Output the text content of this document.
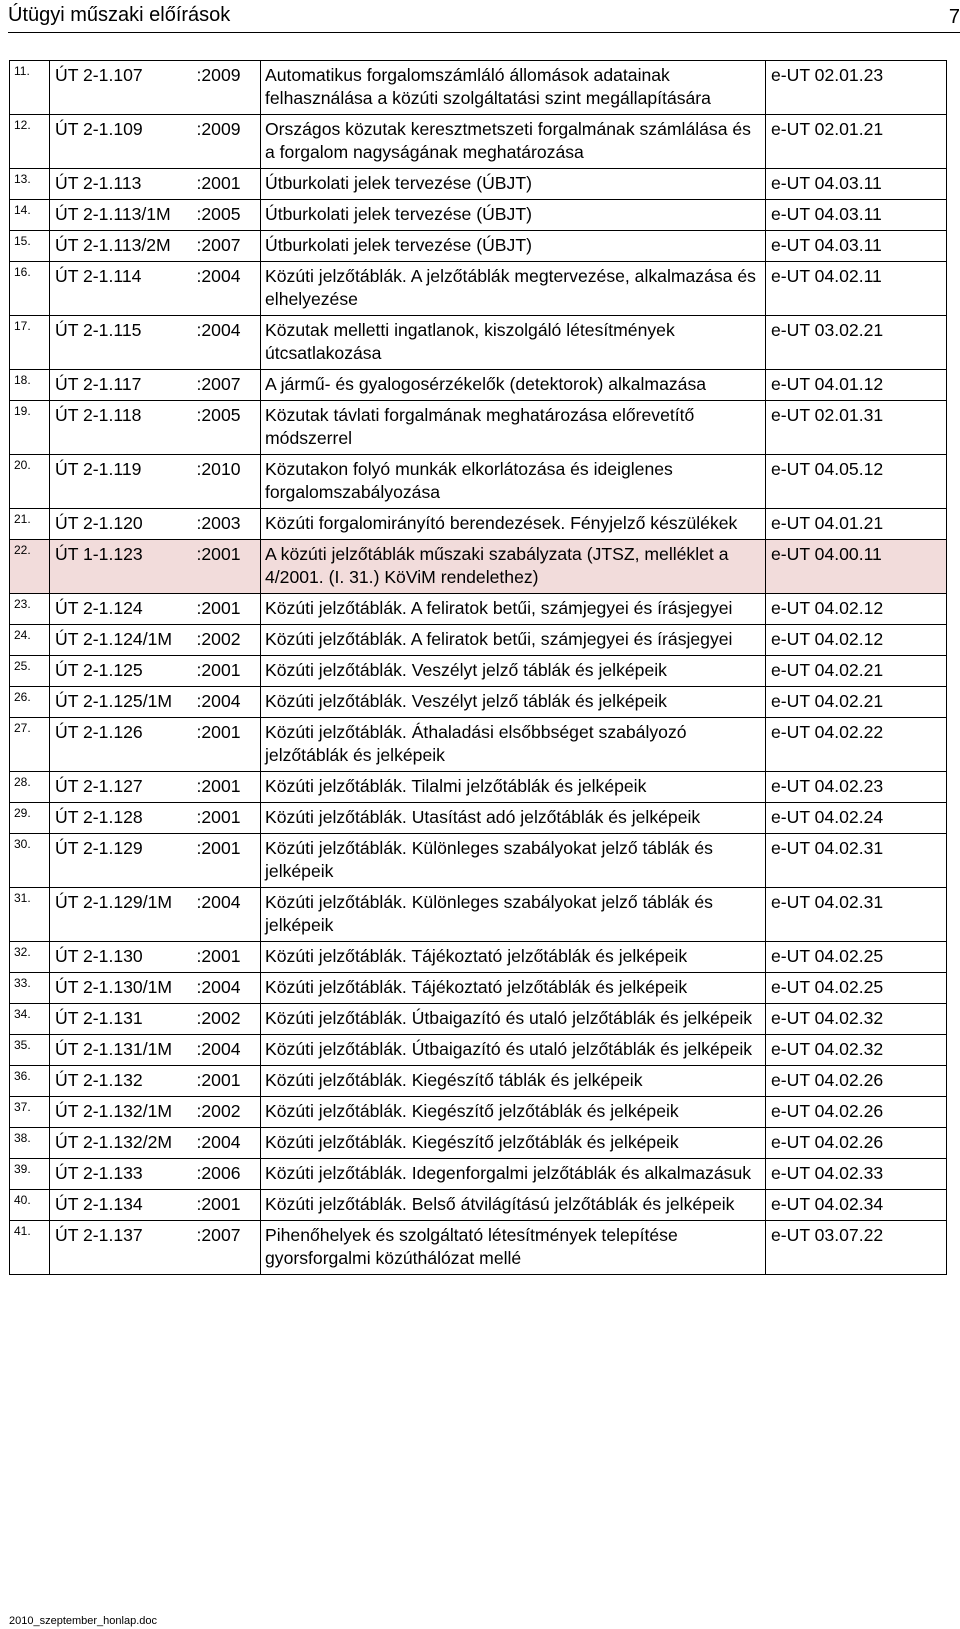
Útügyi műszaki előírások	7
11.	ÚT 2-1.107	:2009	Automatikus forgalomszámláló állomások adatainak felhasználása a közúti szolgáltatási szint megállapítására	e-UT 02.01.23
12.	ÚT 2-1.109	:2009	Országos közutak keresztmetszeti forgalmának számlálása és a forgalom nagyságának meghatározása	e-UT 02.01.21
13.	ÚT 2-1.113	:2001	Útburkolati jelek tervezése (ÚBJT)	e-UT 04.03.11
14.	ÚT 2-1.113/1M	:2005	Útburkolati jelek tervezése (ÚBJT)	e-UT 04.03.11
15.	ÚT 2-1.113/2M	:2007	Útburkolati jelek tervezése (ÚBJT)	e-UT 04.03.11
16.	ÚT 2-1.114	:2004	Közúti jelzőtáblák. A jelzőtáblák megtervezése, alkalmazása és elhelyezése	e-UT 04.02.11
17.	ÚT 2-1.115	:2004	Közutak melletti ingatlanok, kiszolgáló létesítmények útcsatlakozása	e-UT 03.02.21
18.	ÚT 2-1.117	:2007	A jármű- és gyalogosérzékelők (detektorok) alkalmazása	e-UT 04.01.12
19.	ÚT 2-1.118	:2005	Közutak távlati forgalmának meghatározása előrevetítő módszerrel	e-UT 02.01.31
20.	ÚT 2-1.119	:2010	Közutakon folyó munkák elkorlátozása és ideiglenes forgalomszabályozása	e-UT 04.05.12
21.	ÚT 2-1.120	:2003	Közúti forgalomirányító berendezések. Fényjelző készülékek	e-UT 04.01.21
22.	ÚT 1-1.123	:2001	A közúti jelzőtáblák műszaki szabályzata (JTSZ, melléklet a 4/2001. (I. 31.) KöViM rendelethez)	e-UT 04.00.11
23.	ÚT 2-1.124	:2001	Közúti jelzőtáblák. A feliratok betűi, számjegyei és írásjegyei	e-UT 04.02.12
24.	ÚT 2-1.124/1M	:2002	Közúti jelzőtáblák. A feliratok betűi, számjegyei és írásjegyei	e-UT 04.02.12
25.	ÚT 2-1.125	:2001	Közúti jelzőtáblák. Veszélyt jelző táblák és jelképeik	e-UT 04.02.21
26.	ÚT 2-1.125/1M	:2004	Közúti jelzőtáblák. Veszélyt jelző táblák és jelképeik	e-UT 04.02.21
27.	ÚT 2-1.126	:2001	Közúti jelzőtáblák. Áthaladási elsőbbséget szabályozó jelzőtáblák és jelképeik	e-UT 04.02.22
28.	ÚT 2-1.127	:2001	Közúti jelzőtáblák. Tilalmi jelzőtáblák és jelképeik	e-UT 04.02.23
29.	ÚT 2-1.128	:2001	Közúti jelzőtáblák. Utasítást adó jelzőtáblák és jelképeik	e-UT 04.02.24
30.	ÚT 2-1.129	:2001	Közúti jelzőtáblák. Különleges szabályokat jelző táblák és jelképeik	e-UT 04.02.31
31.	ÚT 2-1.129/1M	:2004	Közúti jelzőtáblák. Különleges szabályokat jelző táblák és jelképeik	e-UT 04.02.31
32.	ÚT 2-1.130	:2001	Közúti jelzőtáblák. Tájékoztató jelzőtáblák és jelképeik	e-UT 04.02.25
33.	ÚT 2-1.130/1M	:2004	Közúti jelzőtáblák. Tájékoztató jelzőtáblák és jelképeik	e-UT 04.02.25
34.	ÚT 2-1.131	:2002	Közúti jelzőtáblák. Útbaigazító és utaló jelzőtáblák és jelképeik	e-UT 04.02.32
35.	ÚT 2-1.131/1M	:2004	Közúti jelzőtáblák. Útbaigazító és utaló jelzőtáblák és jelképeik	e-UT 04.02.32
36.	ÚT 2-1.132	:2001	Közúti jelzőtáblák. Kiegészítő táblák és jelképeik	e-UT 04.02.26
37.	ÚT 2-1.132/1M	:2002	Közúti jelzőtáblák. Kiegészítő jelzőtáblák és jelképeik	e-UT 04.02.26
38.	ÚT 2-1.132/2M	:2004	Közúti jelzőtáblák. Kiegészítő jelzőtáblák és jelképeik	e-UT 04.02.26
39.	ÚT 2-1.133	:2006	Közúti jelzőtáblák. Idegenforgalmi jelzőtáblák és alkalmazásuk	e-UT 04.02.33
40.	ÚT 2-1.134	:2001	Közúti jelzőtáblák. Belső átvilágítású jelzőtáblák és jelképeik	e-UT 04.02.34
41.	ÚT 2-1.137	:2007	Pihenőhelyek és szolgáltató létesítmények telepítése gyorsforgalmi közúthálózat mellé	e-UT 03.07.22
2010_szeptember_honlap.doc
